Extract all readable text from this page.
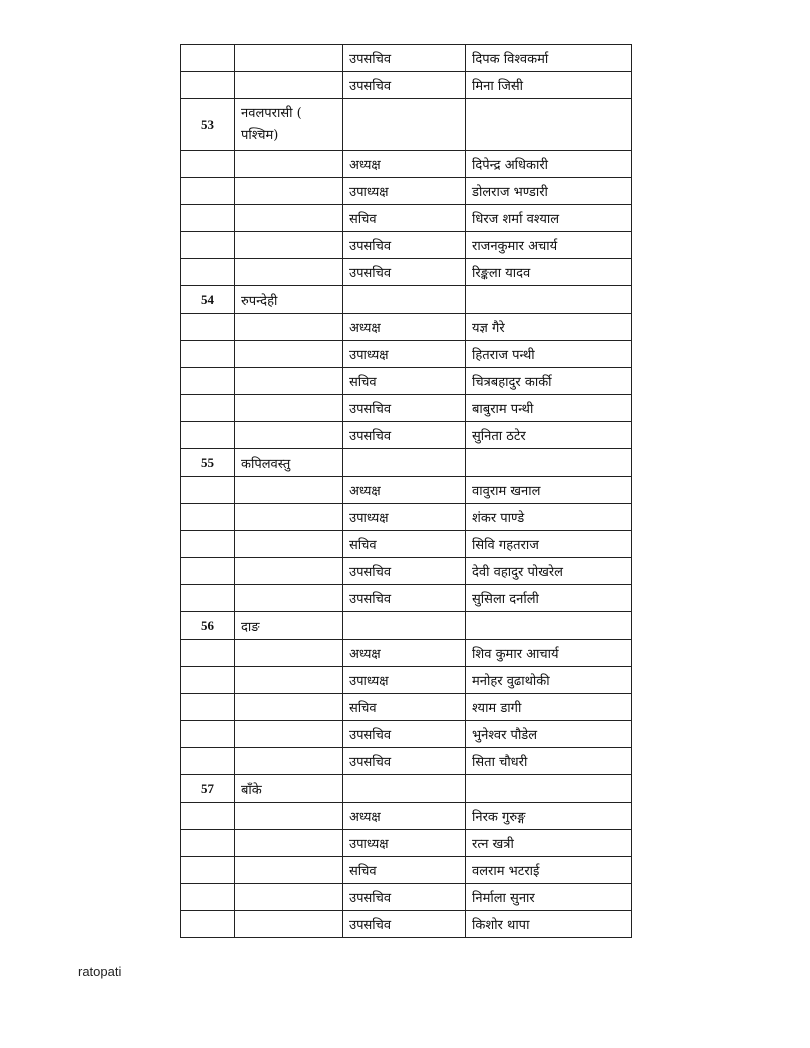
		उपसचिव	दिपक विश्वकर्मा
		उपसचिव	मिना जिसी
53	नवलपरासी ( पश्चिम)		
		अध्यक्ष	दिपेन्द्र अधिकारी
		उपाध्यक्ष	डोलराज भण्डारी
		सचिव	धिरज शर्मा वश्याल
		उपसचिव	राजनकुमार अचार्य
		उपसचिव	रिङ्कला यादव
54	रुपन्देही		
		अध्यक्ष	यज्ञ गैरे
		उपाध्यक्ष	हितराज पन्थी
		सचिव	चित्रबहादुर कार्की
		उपसचिव	बाबुराम पन्थी
		उपसचिव	सुनिता ठटेर
55	कपिलवस्तु		
		अध्यक्ष	वावुराम खनाल
		उपाध्यक्ष	शंकर पाण्डे
		सचिव	सिवि गहतराज
		उपसचिव	देवी वहादुर पोखरेल
		उपसचिव	सुसिला दर्नाली
56	दाङ		
		अध्यक्ष	शिव कुमार आचार्य
		उपाध्यक्ष	मनोहर वुढाथोकी
		सचिव	श्याम डागी
		उपसचिव	भुनेश्वर पौडेल
		उपसचिव	सिता चौधरी
57	बाँके		
		अध्यक्ष	निरक गुरुङ्ग
		उपाध्यक्ष	रत्न खत्री
		सचिव	वलराम भटराई
		उपसचिव	निर्माला सुनार
		उपसचिव	किशोर थापा
ratopati
